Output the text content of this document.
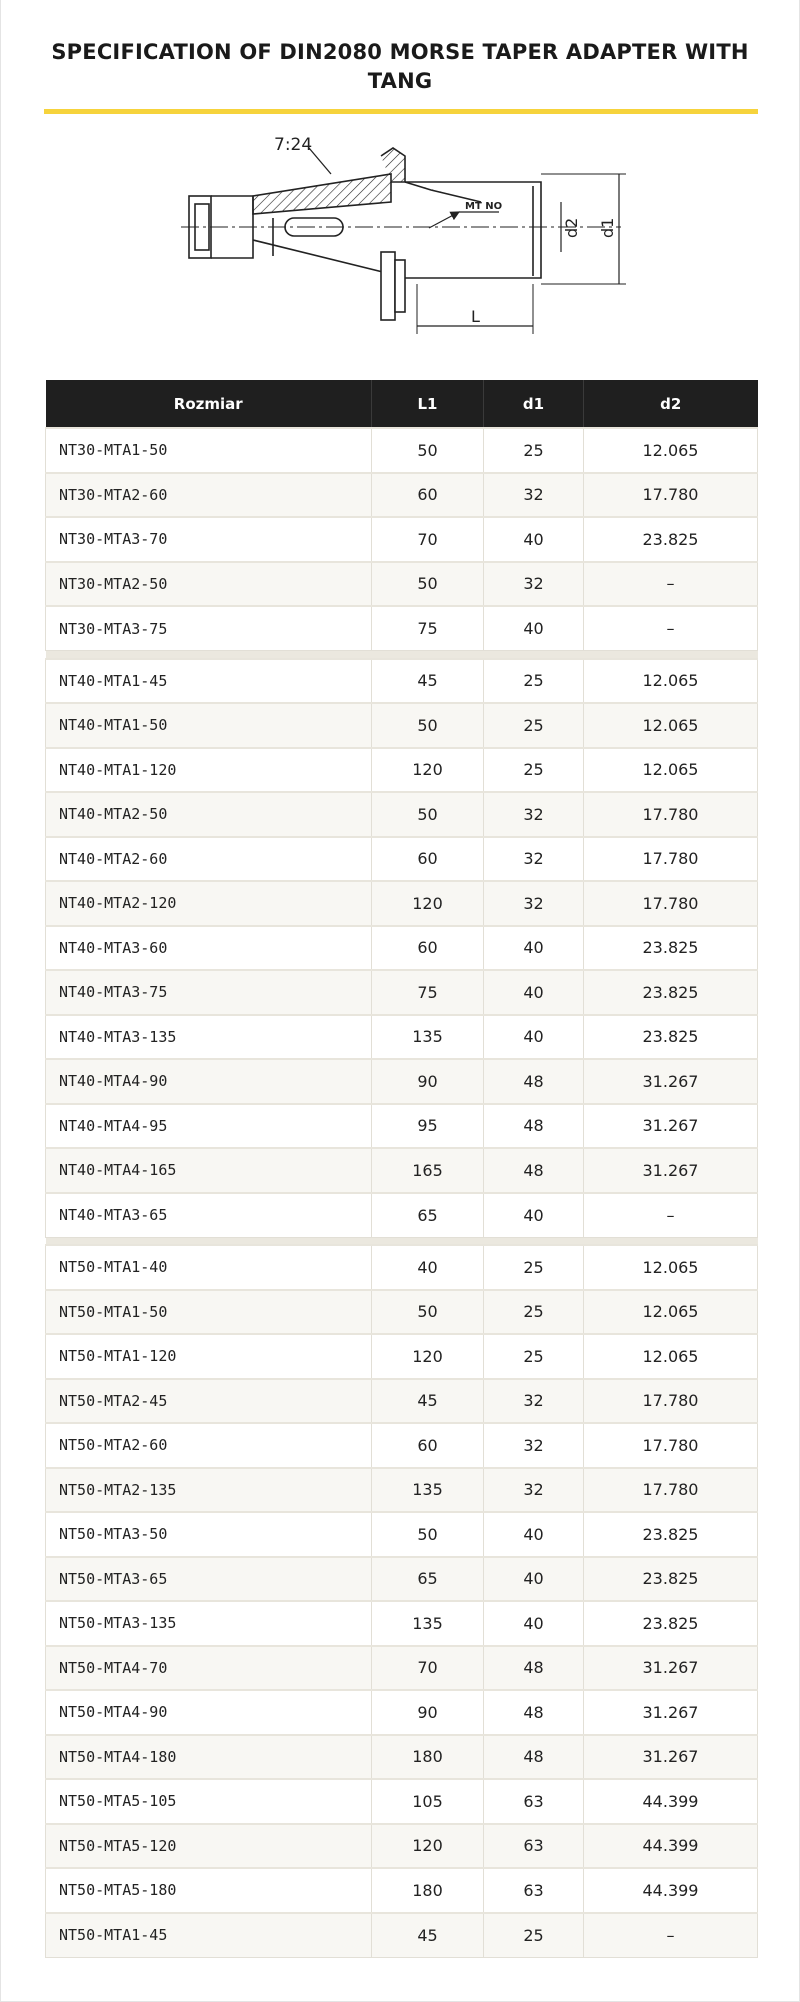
SPECIFICATION OF DIN2080 MORSE TAPER ADAPTER WITH TANG
7:24
MT NO
d2 d1
L
Rozmiar	L1	d1	d2
NT30-MTA1-50	50	25	12.065
NT30-MTA2-60	60	32	17.780
NT30-MTA3-70	70	40	23.825
NT30-MTA2-50	50	32	–
NT30-MTA3-75	75	40	–

NT40-MTA1-45	45	25	12.065
NT40-MTA1-50	50	25	12.065
NT40-MTA1-120	120	25	12.065
NT40-MTA2-50	50	32	17.780
NT40-MTA2-60	60	32	17.780
NT40-MTA2-120	120	32	17.780
NT40-MTA3-60	60	40	23.825
NT40-MTA3-75	75	40	23.825
NT40-MTA3-135	135	40	23.825
NT40-MTA4-90	90	48	31.267
NT40-MTA4-95	95	48	31.267
NT40-MTA4-165	165	48	31.267
NT40-MTA3-65	65	40	–

NT50-MTA1-40	40	25	12.065
NT50-MTA1-50	50	25	12.065
NT50-MTA1-120	120	25	12.065
NT50-MTA2-45	45	32	17.780
NT50-MTA2-60	60	32	17.780
NT50-MTA2-135	135	32	17.780
NT50-MTA3-50	50	40	23.825
NT50-MTA3-65	65	40	23.825
NT50-MTA3-135	135	40	23.825
NT50-MTA4-70	70	48	31.267
NT50-MTA4-90	90	48	31.267
NT50-MTA4-180	180	48	31.267
NT50-MTA5-105	105	63	44.399
NT50-MTA5-120	120	63	44.399
NT50-MTA5-180	180	63	44.399
NT50-MTA1-45	45	25	–
